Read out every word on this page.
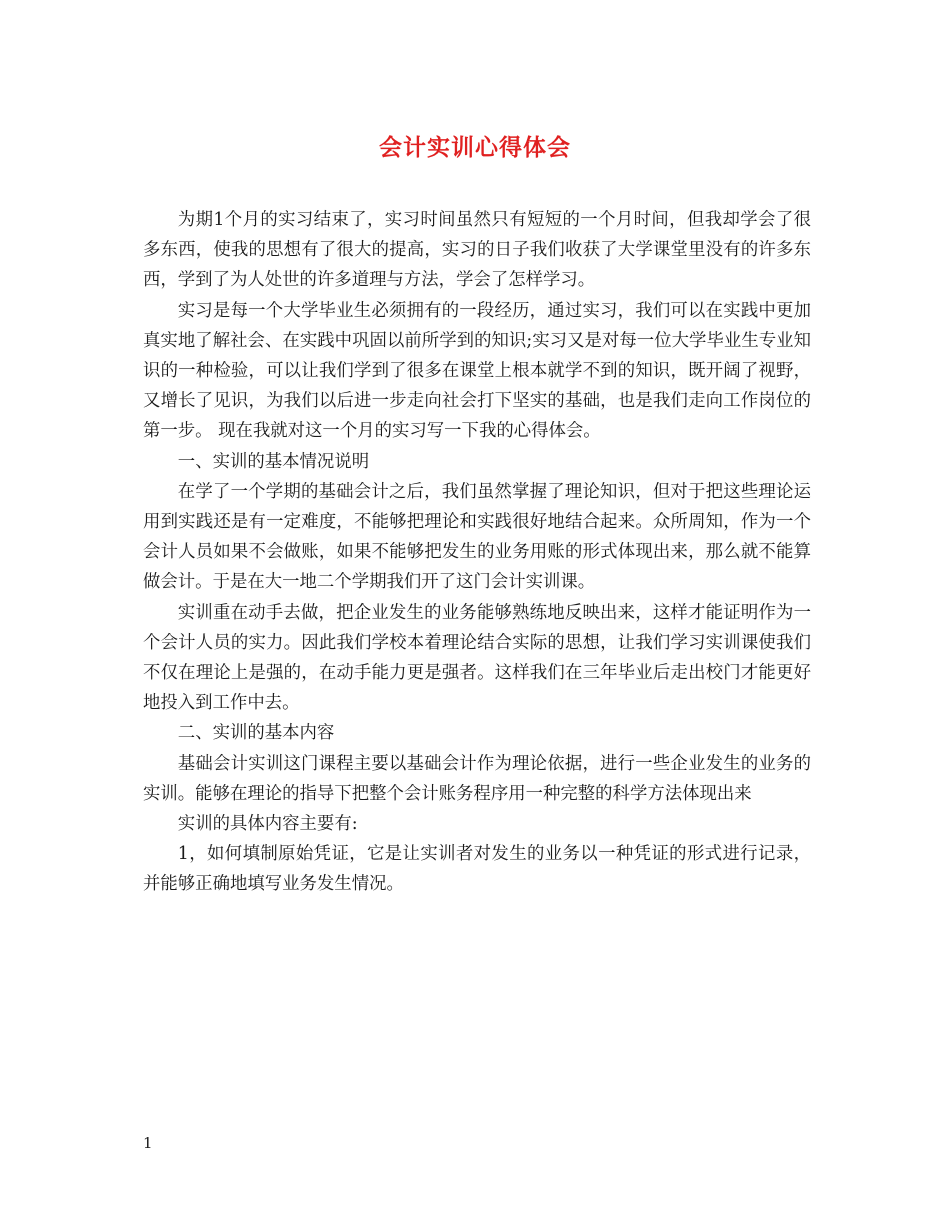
会计实训心得体会

为期1个月的实习结束了，实习时间虽然只有短短的一个月时间，但我却学会了很多东西，使我的思想有了很大的提高，实习的日子我们收获了大学课堂里没有的许多东西，学到了为人处世的许多道理与方法，学会了怎样学习。

实习是每一个大学毕业生必须拥有的一段经历，通过实习，我们可以在实践中更加真实地了解社会、在实践中巩固以前所学到的知识;实习又是对每一位大学毕业生专业知识的一种检验，可以让我们学到了很多在课堂上根本就学不到的知识，既开阔了视野，又增长了见识，为我们以后进一步走向社会打下坚实的基础，也是我们走向工作岗位的第一步。 现在我就对这一个月的实习写一下我的心得体会。

一、实训的基本情况说明

在学了一个学期的基础会计之后，我们虽然掌握了理论知识，但对于把这些理论运用到实践还是有一定难度，不能够把理论和实践很好地结合起来。众所周知，作为一个会计人员如果不会做账，如果不能够把发生的业务用账的形式体现出来，那么就不能算做会计。于是在大一地二个学期我们开了这门会计实训课。

实训重在动手去做，把企业发生的业务能够熟练地反映出来，这样才能证明作为一个会计人员的实力。因此我们学校本着理论结合实际的思想，让我们学习实训课使我们不仅在理论上是强的，在动手能力更是强者。这样我们在三年毕业后走出校门才能更好地投入到工作中去。

二、实训的基本内容

基础会计实训这门课程主要以基础会计作为理论依据，进行一些企业发生的业务的实训。能够在理论的指导下把整个会计账务程序用一种完整的科学方法体现出来

实训的具体内容主要有:

1，如何填制原始凭证，它是让实训者对发生的业务以一种凭证的形式进行记录，并能够正确地填写业务发生情况。

1
